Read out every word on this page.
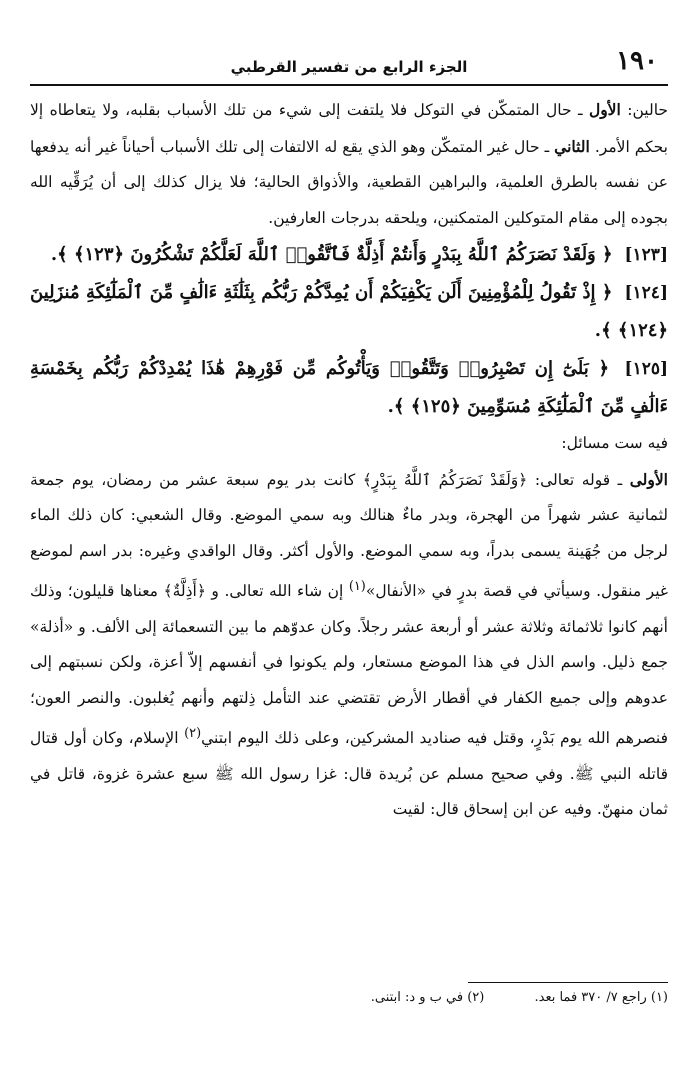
١٩٠
الجزء الرابع من تفسير القرطبي

حالين: الأول ـ حال المتمكّن في التوكل فلا يلتفت إلى شيء من تلك الأسباب بقلبه، ولا يتعاطاه إلا بحكم الأمر. الثاني ـ حال غير المتمكّن وهو الذي يقع له الالتفات إلى تلك الأسباب أحياناً غير أنه يدفعها عن نفسه بالطرق العلمية، والبراهين القطعية، والأذواق الحالية؛ فلا يزال كذلك إلى أن يُرَقِّيه الله بجوده إلى مقام المتوكلين المتمكنين، ويلحقه بدرجات العارفين.

[١٢٣] ﴿ وَلَقَدْ نَصَرَكُمُ ٱللَّهُ بِبَدْرٍ وَأَنتُمْ أَذِلَّةٌ فَٱتَّقُوا۟ ٱللَّهَ لَعَلَّكُمْ تَشْكُرُونَ ﴿١٢٣﴾ ﴾.

[١٢٤] ﴿ إِذْ تَقُولُ لِلْمُؤْمِنِينَ أَلَن يَكْفِيَكُمْ أَن يُمِدَّكُمْ رَبُّكُم بِثَلَٰثَةِ ءَالَٰفٍ مِّنَ ٱلْمَلَٰٓئِكَةِ مُنزَلِينَ ﴿١٢٤﴾ ﴾.

[١٢٥] ﴿ بَلَىٰٓ إِن تَصْبِرُوا۟ وَتَتَّقُوا۟ وَيَأْتُوكُم مِّن فَوْرِهِمْ هَٰذَا يُمْدِدْكُمْ رَبُّكُم بِخَمْسَةِ ءَالَٰفٍ مِّنَ ٱلْمَلَٰٓئِكَةِ مُسَوِّمِينَ ﴿١٢٥﴾ ﴾.

فيه ست مسائل:

الأولى ـ قوله تعالى: ﴿وَلَقَدْ نَصَرَكُمُ ٱللَّهُ بِبَدْرٍ﴾ كانت بدر يوم سبعة عشر من رمضان، يوم جمعة لثمانية عشر شهراً من الهجرة، وبدر ماءٌ هنالك وبه سمي الموضع. وقال الشعبي: كان ذلك الماء لرجل من جُهَينة يسمى بدراً، وبه سمي الموضع. والأول أكثر. وقال الواقدي وغيره: بدر اسم لموضع غير منقول. وسيأتي في قصة بدرٍ في «الأنفال»$^{(١)}$ إن شاء الله تعالى. و ﴿أَذِلَّةٌ﴾ معناها قليلون؛ وذلك أنهم كانوا ثلاثمائة وثلاثة عشر أو أربعة عشر رجلاً. وكان عدوّهم ما بين التسعمائة إلى الألف. و «أذلة» جمع ذليل. واسم الذل في هذا الموضع مستعار، ولم يكونوا في أنفسهم إلاّ أعزة، ولكن نسبتهم إلى عدوهم وإلى جميع الكفار في أقطار الأرض تقتضي عند التأمل ذِلتهم وأنهم يُغلبون. والنصر العون؛ فنصرهم الله يوم بَدْرٍ، وقتل فيه صناديد المشركين، وعلى ذلك اليوم ابتني$^{(٢)}$ الإسلام، وكان أول قتال قاتله النبي ﷺ. وفي صحيح مسلم عن بُريدة قال: غزا رسول الله ﷺ سبع عشرة غزوة، قاتل في ثمان منهنّ. وفيه عن ابن إسحاق قال: لقيت

(١) راجع ٧/ ٣٧٠ فما بعد. (٢) في ب و د: ابتنى.
